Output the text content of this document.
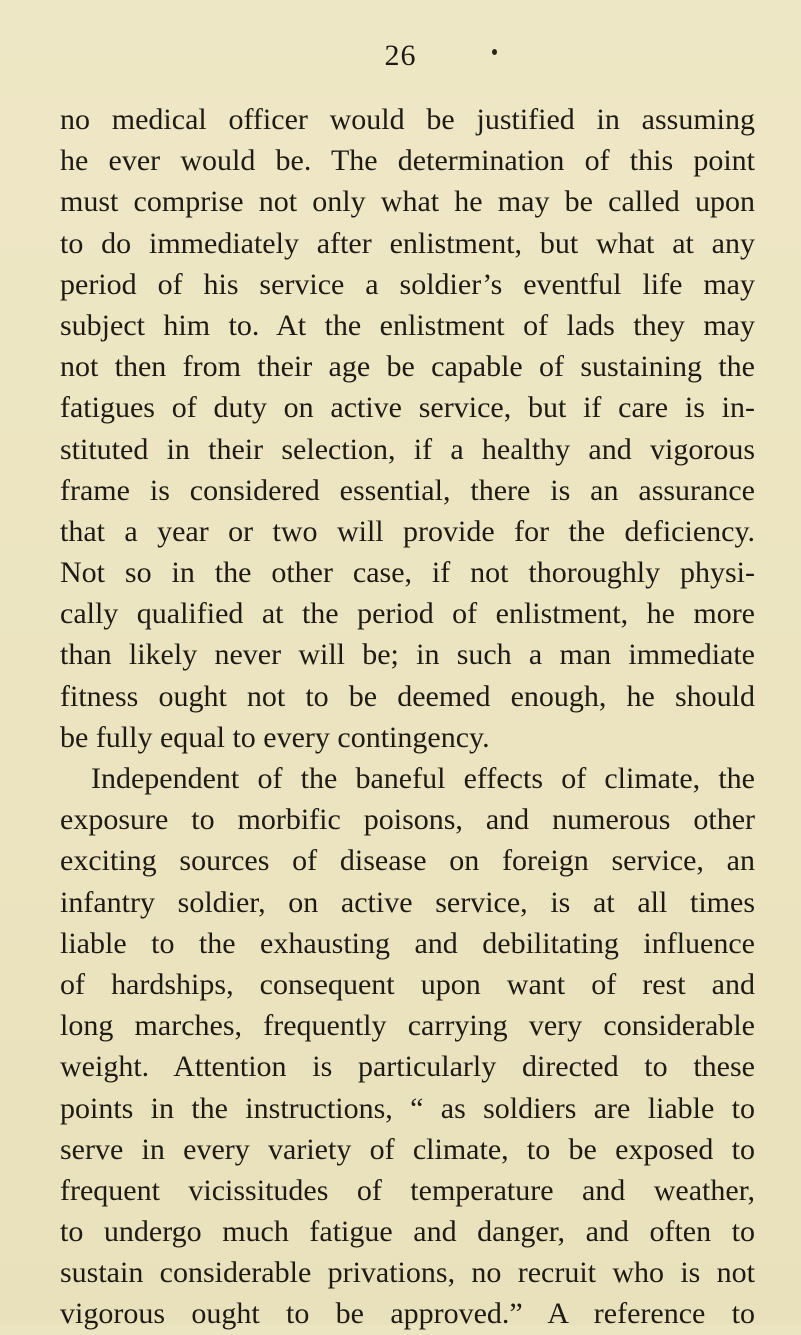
26
no medical officer would be justified in assuming
he ever would be. The determination of this point
must comprise not only what he may be called upon
to do immediately after enlistment, but what at any
period of his service a soldier’s eventful life may
subject him to. At the enlistment of lads they may
not then from their age be capable of sustaining the
fatigues of duty on active service, but if care is in-
stituted in their selection, if a healthy and vigorous
frame is considered essential, there is an assurance
that a year or two will provide for the deficiency.
Not so in the other case, if not thoroughly physi-
cally qualified at the period of enlistment, he more
than likely never will be; in such a man immediate
fitness ought not to be deemed enough, he should
be fully equal to every contingency.
Independent of the baneful effects of climate, the
exposure to morbific poisons, and numerous other
exciting sources of disease on foreign service, an
infantry soldier, on active service, is at all times
liable to the exhausting and debilitating influence
of hardships, consequent upon want of rest and
long marches, frequently carrying very considerable
weight. Attention is particularly directed to these
points in the instructions, “ as soldiers are liable to
serve in every variety of climate, to be exposed to
frequent vicissitudes of temperature and weather,
to undergo much fatigue and danger, and often to
sustain considerable privations, no recruit who is not
vigorous ought to be approved.” A reference to
